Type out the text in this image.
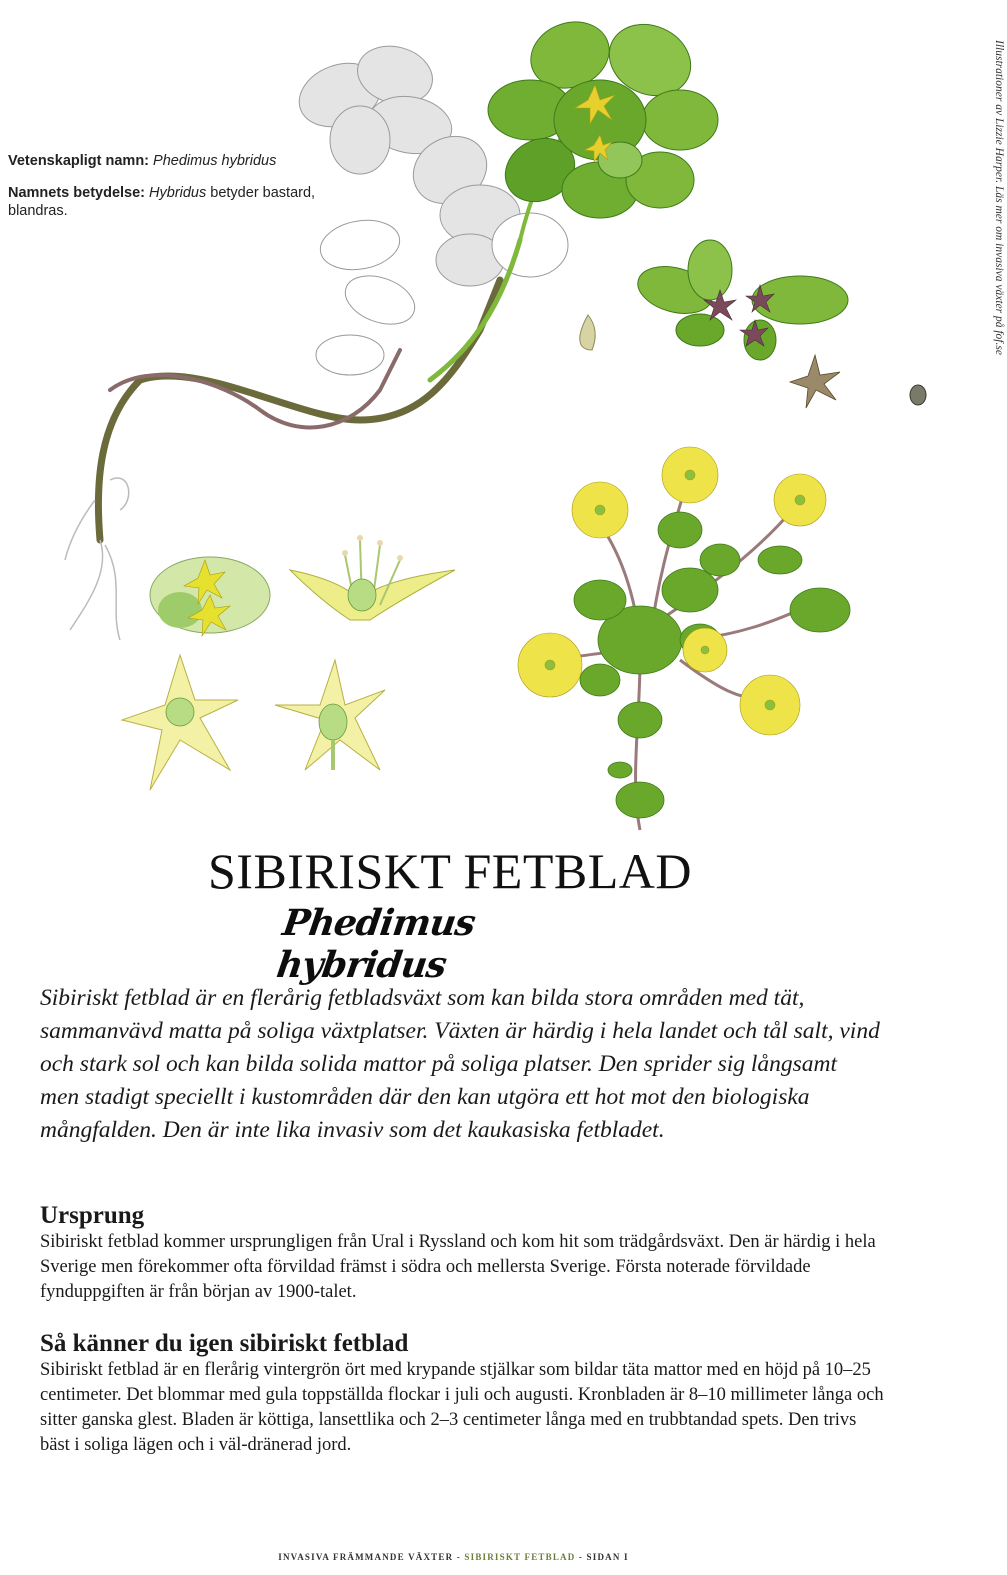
Vetenskapligt namn: Phedimus hybridus

Namnets betydelse: Hybridus betyder bastard, blandras.	Illustrationer av Lizzie Harper. Läs mer om invasiva växter på fof.se
SIBIRISKT FETBLAD
Phedimus hybridus

Sibiriskt fetblad är en flerårig fetbladsväxt som kan bilda stora områden med tät, sammanvävd matta på soliga växtplatser. Växten är härdig i hela landet och tål salt, vind och stark sol och kan bilda solida mattor på soliga platser. Den sprider sig långsamt men stadigt speciellt i kustområden där den kan utgöra ett hot mot den biologiska mångfalden. Den är inte lika invasiv som det kaukasiska fetbladet.

Ursprung

Sibiriskt fetblad kommer ursprungligen från Ural i Ryssland och kom hit som trädgårdsväxt. Den är härdig i hela Sverige men förekommer ofta förvildad främst i södra och mellersta Sverige. Första noterade förvildade fynduppgiften är från början av 1900-talet.

Så känner du igen sibiriskt fetblad

Sibiriskt fetblad är en flerårig vintergrön ört med krypande stjälkar som bildar täta mattor med en höjd på 10–25 centimeter. Det blommar med gula toppställda flockar i juli och augusti. Kronbladen är 8–10 millimeter långa och sitter ganska glest. Bladen är köttiga, lansettlika och 2–3 centimeter långa med en trubbtandad spets. Den trivs bäst i soliga lägen och i väl-dränerad jord.

INVASIVA FRÄMMANDE VÄXTER - SIBIRISKT FETBLAD - SIDAN I
